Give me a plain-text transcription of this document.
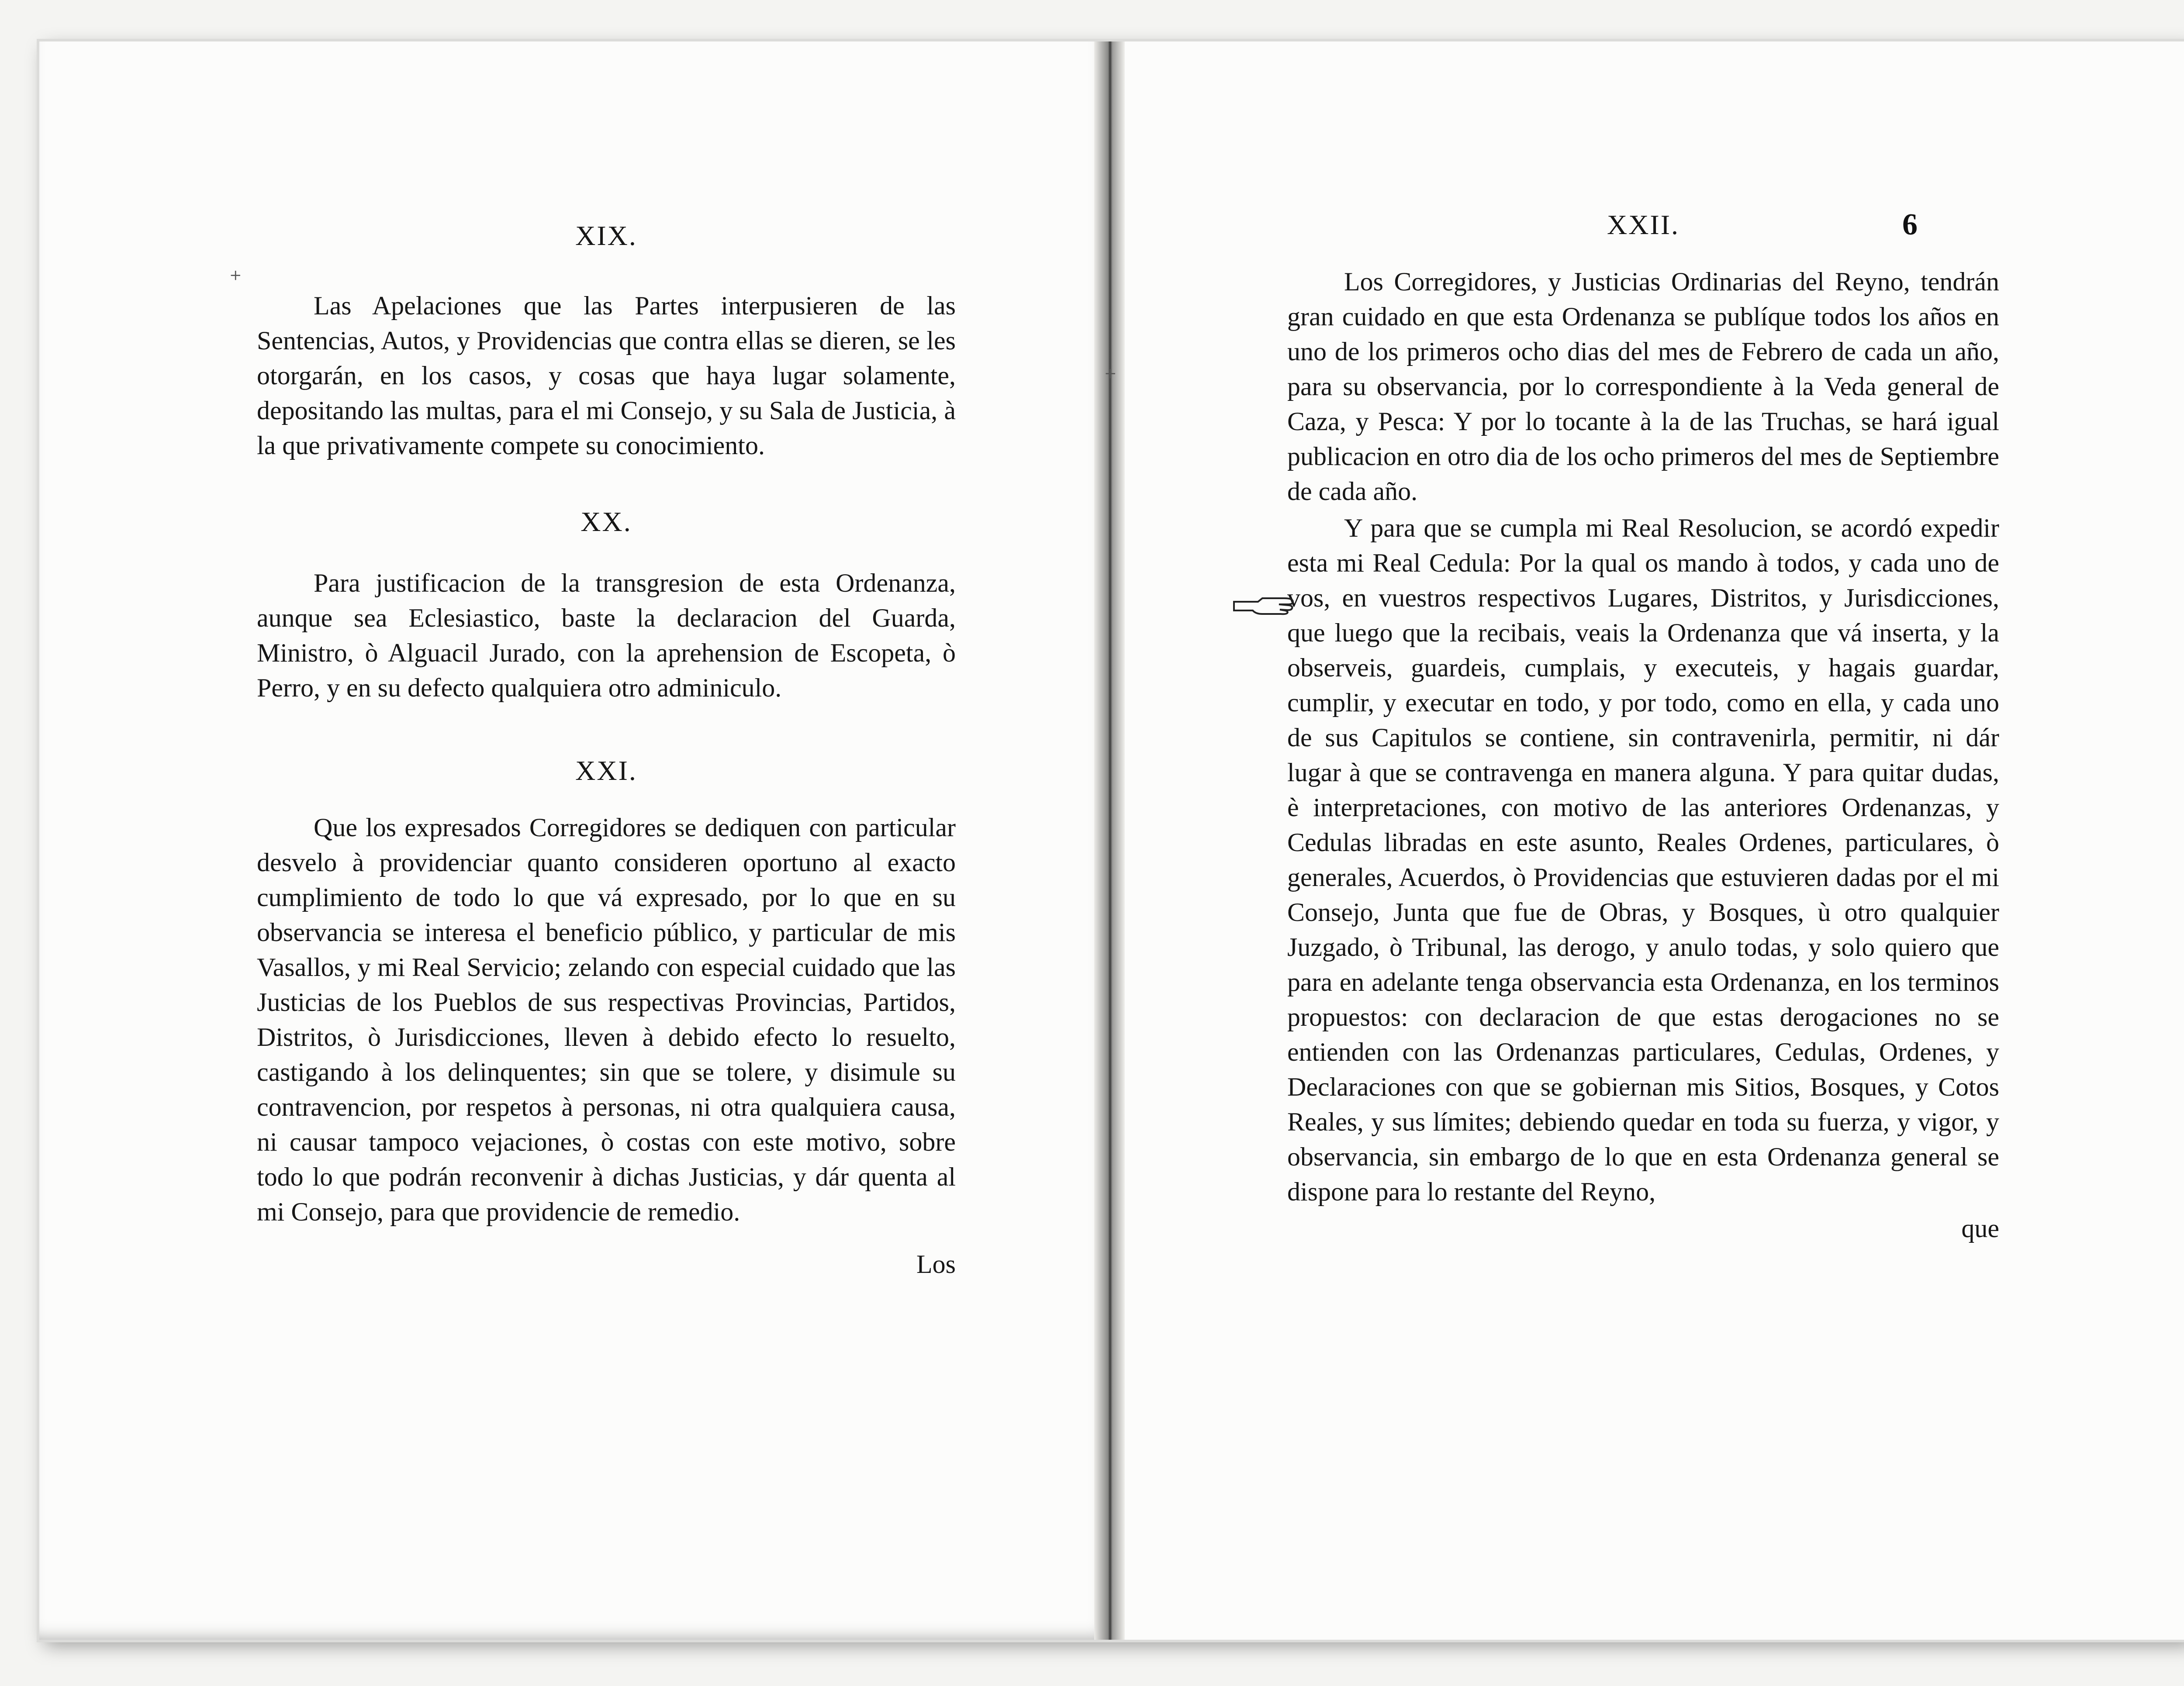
XIX.

Las Apelaciones que las Partes interpusieren de las Sentencias, Autos, y Providencias que contra ellas se dieren, se les otorgarán, en los casos, y cosas que haya lugar solamente, depositando las multas, para el mi Consejo, y su Sala de Justicia, à la que privativamente compete su conocimiento.

XX.

Para justificacion de la transgresion de esta Ordenanza, aunque sea Eclesiastico, baste la declaracion del Guarda, Ministro, ò Alguacil Jurado, con la aprehension de Escopeta, ò Perro, y en su defecto qualquiera otro adminiculo.

XXI.

Que los expresados Corregidores se dediquen con particular desvelo à providenciar quanto consideren oportuno al exacto cumplimiento de todo lo que vá expresado, por lo que en su observancia se interesa el beneficio público, y particular de mis Vasallos, y mi Real Servicio; zelando con especial cuidado que las Justicias de los Pueblos de sus respectivas Provincias, Partidos, Distritos, ò Jurisdicciones, lleven à debido efecto lo resuelto, castigando à los delinquentes; sin que se tolere, y disimule su contravencion, por respetos à personas, ni otra qualquiera causa, ni causar tampoco vejaciones, ò costas con este motivo, sobre todo lo que podrán reconvenir à dichas Justicias, y dár quenta al mi Consejo, para que providencie de remedio.

Los
6
XXII.

Los Corregidores, y Justicias Ordinarias del Reyno, tendrán gran cuidado en que esta Ordenanza se publíque todos los años en uno de los primeros ocho dias del mes de Febrero de cada un año, para su observancia, por lo correspondiente à la Veda general de Caza, y Pesca: Y por lo tocante à la de las Truchas, se hará igual publicacion en otro dia de los ocho primeros del mes de Septiembre de cada año.

Y para que se cumpla mi Real Resolucion, se acordó expedir esta mi Real Cedula: Por la qual os mando à todos, y cada uno de vos, en vuestros respectivos Lugares, Distritos, y Jurisdicciones, que luego que la recibais, veais la Ordenanza que vá inserta, y la observeis, guardeis, cumplais, y executeis, y hagais guardar, cumplir, y executar en todo, y por todo, como en ella, y cada uno de sus Capitulos se contiene, sin contravenirla, permitir, ni dár lugar à que se contravenga en manera alguna. Y para quitar dudas, è interpretaciones, con motivo de las anteriores Ordenanzas, y Cedulas libradas en este asunto, Reales Ordenes, particulares, ò generales, Acuerdos, ò Providencias que estuvieren dadas por el mi Consejo, Junta que fue de Obras, y Bosques, ù otro qualquier Juzgado, ò Tribunal, las derogo, y anulo todas, y solo quiero que para en adelante tenga observancia esta Ordenanza, en los terminos propuestos: con declaracion de que estas derogaciones no se entienden con las Ordenanzas particulares, Cedulas, Ordenes, y Declaraciones con que se gobiernan mis Sitios, Bosques, y Cotos Reales, y sus límites; debiendo quedar en toda su fuerza, y vigor, y observancia, sin embargo de lo que en esta Ordenanza general se dispone para lo restante del Reyno,

que
+
+
